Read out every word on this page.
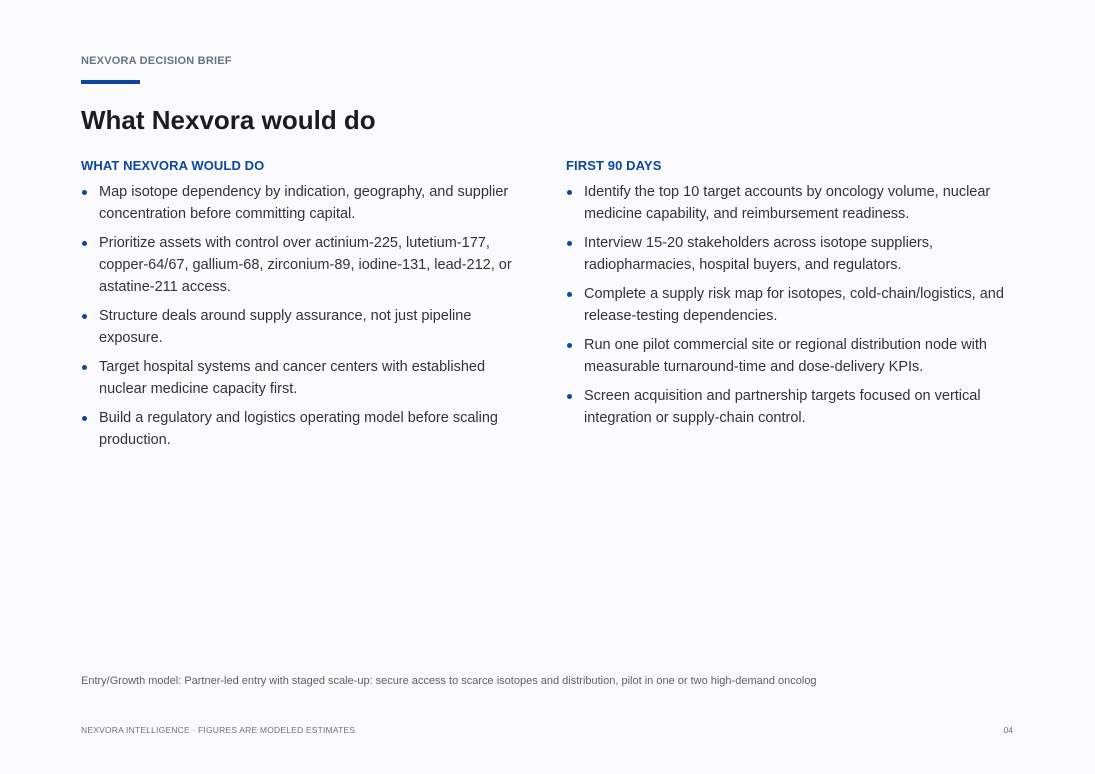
NEXVORA DECISION BRIEF
What Nexvora would do
WHAT NEXVORA WOULD DO
Map isotope dependency by indication, geography, and supplier concentration before committing capital.
Prioritize assets with control over actinium-225, lutetium-177, copper-64/67, gallium-68, zirconium-89, iodine-131, lead-212, or astatine-211 access.
Structure deals around supply assurance, not just pipeline exposure.
Target hospital systems and cancer centers with established nuclear medicine capacity first.
Build a regulatory and logistics operating model before scaling production.
FIRST 90 DAYS
Identify the top 10 target accounts by oncology volume, nuclear medicine capability, and reimbursement readiness.
Interview 15-20 stakeholders across isotope suppliers, radiopharmacies, hospital buyers, and regulators.
Complete a supply risk map for isotopes, cold-chain/logistics, and release-testing dependencies.
Run one pilot commercial site or regional distribution node with measurable turnaround-time and dose-delivery KPIs.
Screen acquisition and partnership targets focused on vertical integration or supply-chain control.

Entry/Growth model: Partner-led entry with staged scale-up: secure access to scarce isotopes and distribution, pilot in one or two high-demand oncolog

NEXVORA INTELLIGENCE · FIGURES ARE MODELED ESTIMATES	04
